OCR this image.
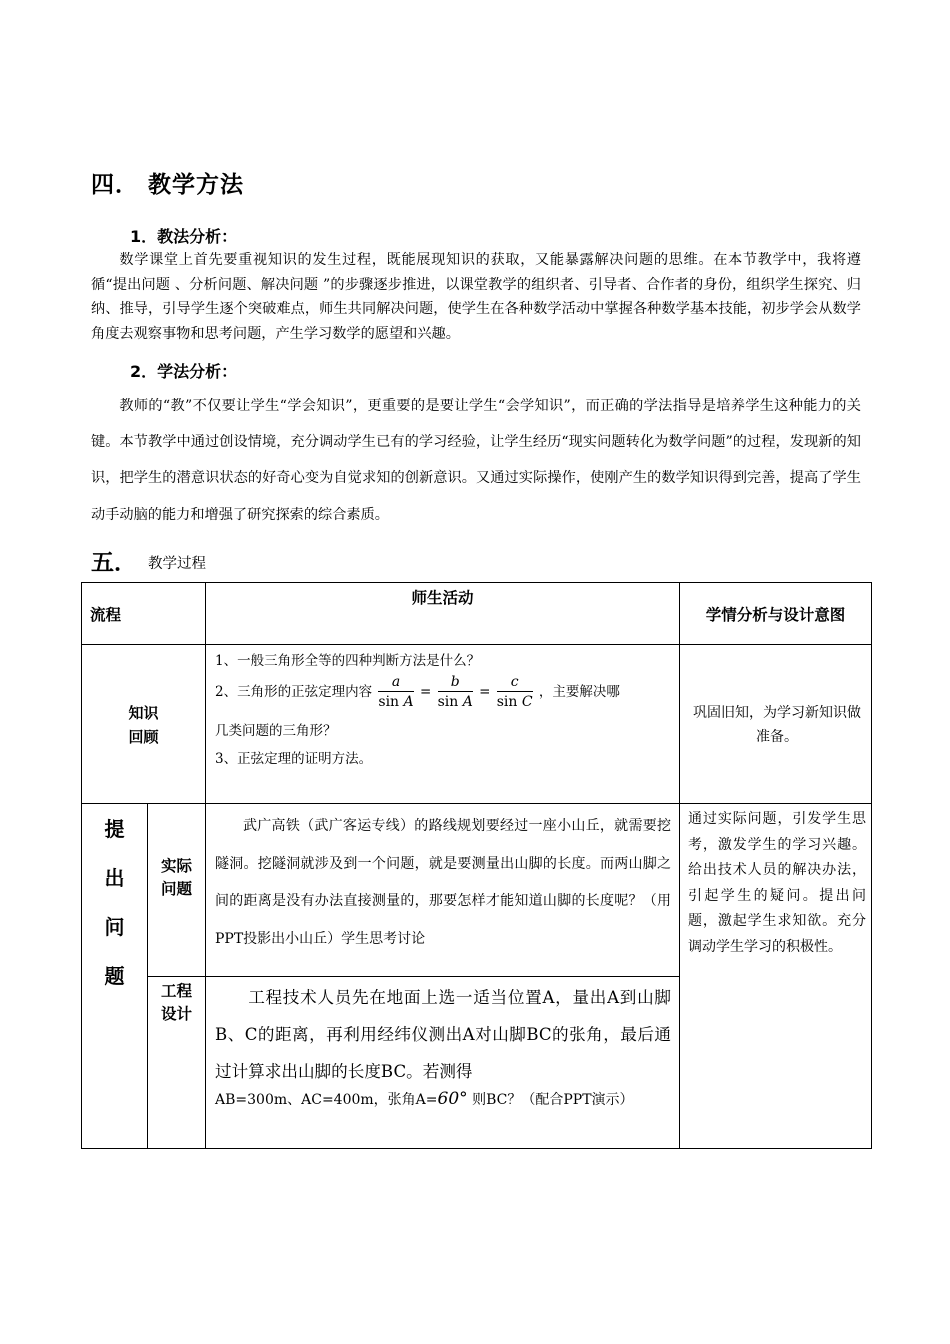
四． 教学方法
1．教法分析：
数学课堂上首先要重视知识的发生过程，既能展现知识的获取，又能暴露解决问题的思维。在本节教学中，我将遵循“提出问题 、分析问题、解决问题 ”的步骤逐步推进，以课堂教学的组织者、引导者、合作者的身份，组织学生探究、归纳、推导，引导学生逐个突破难点，师生共同解决问题，使学生在各种数学活动中掌握各种数学基本技能，初步学会从数学角度去观察事物和思考问题，产生学习数学的愿望和兴趣。
2．学法分析：
教师的“教”不仅要让学生“学会知识”，更重要的是要让学生“会学知识”，而正确的学法指导是培养学生这种能力的关键。本节教学中通过创设情境，充分调动学生已有的学习经验，让学生经历“现实问题转化为数学问题”的过程，发现新的知识，把学生的潜意识状态的好奇心变为自觉求知的创新意识。又通过实际操作，使刚产生的数学知识得到完善，提高了学生动手动脑的能力和增强了研究探索的综合素质。
五． 教学过程
流程
师生活动
学情分析与设计意图
知识
回顾
1、一般三角形全等的四种判断方法是什么？
2、三角形的正弦定理内容 $\frac{a}{\text{sin A}} = \frac{b}{\text{sin A}} = \frac{c}{\text{sin C}}$ ，主要解决哪
几类问题的三角形？
3、正弦定理的证明方法。
巩固旧知，为学习新知识做准备。
提
出
问
题
实际
问题
武广高铁（武广客运专线）的路线规划要经过一座小山丘，就需要挖隧洞。挖隧洞就涉及到一个问题，就是要测量出山脚的长度。而两山脚之间的距离是没有办法直接测量的，那要怎样才能知道山脚的长度呢？（用PPT投影出小山丘）学生思考讨论
工程
设计
工程技术人员先在地面上选一适当位置A，量出A到山脚B、C的距离，再利用经纬仪测出A对山脚BC的张角，最后通过计算求出山脚的长度BC。若测得
AB=300m、AC=400m，张角A=60° 则BC？（配合PPT演示）
通过实际问题，引发学生思考，激发学生的学习兴趣。给出技术人员的解决办法，引起学生的疑问。提出问题，激起学生求知欲。充分调动学生学习的积极性。
